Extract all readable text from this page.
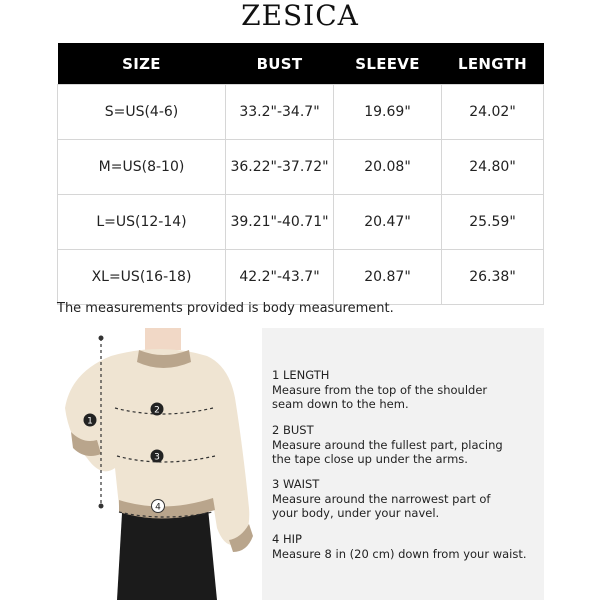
ZESICA
SIZE	BUST	SLEEVE	LENGTH
S=US(4-6)	33.2"-34.7"	19.69"	24.02"
M=US(8-10)	36.22"-37.72"	20.08"	24.80"
L=US(12-14)	39.21"-40.71"	20.47"	25.59"
XL=US(16-18)	42.2"-43.7"	20.87"	26.38"
The measurements provided is body measurement.
1
2
3
4
1 LENGTH
Measure from the top of the shoulder seam down to the hem.
2 BUST
Measure around the fullest part, placing the tape close up under the arms.
3 WAIST
Measure around the narrowest part of your body, under your navel.
4 HIP
Measure 8 in (20 cm) down from your waist.
